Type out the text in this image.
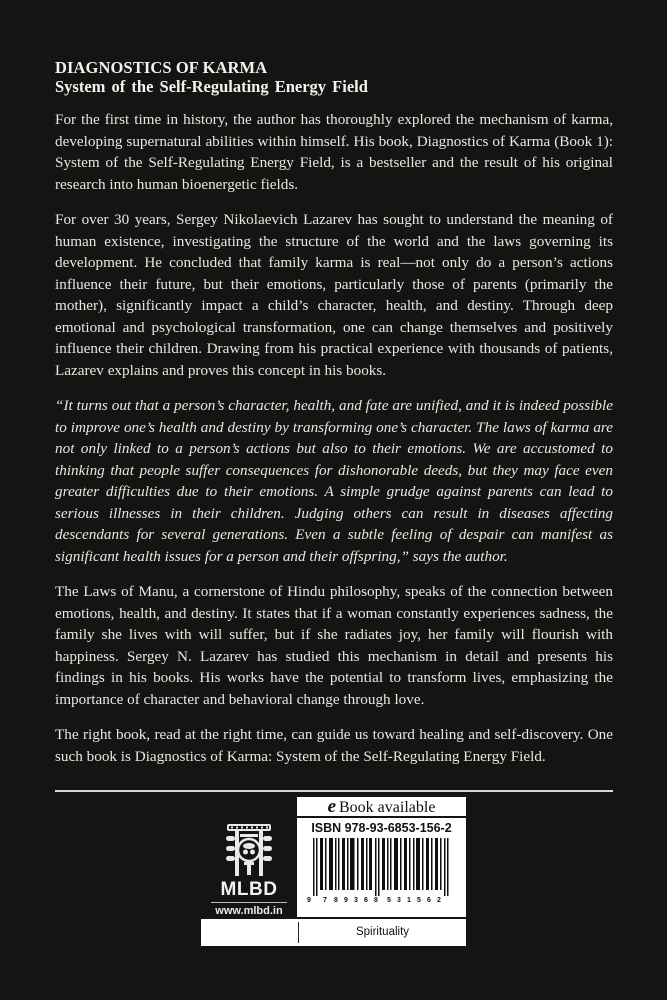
DIAGNOSTICS OF KARMA
System of the Self-Regulating Energy Field

For the first time in history, the author has thoroughly explored the mechanism of karma, developing supernatural abilities within himself. His book, Diagnostics of Karma (Book 1): System of the Self-Regulating Energy Field, is a bestseller and the result of his original research into human bioenergetic fields.

For over 30 years, Sergey Nikolaevich Lazarev has sought to understand the meaning of human existence, investigating the structure of the world and the laws governing its development. He concluded that family karma is real—not only do a person’s actions influence their future, but their emotions, particularly those of parents (primarily the mother), significantly impact a child’s character, health, and destiny. Through deep emotional and psychological transformation, one can change themselves and positively influence their children. Drawing from his practical experience with thousands of patients, Lazarev explains and proves this concept in his books.

“It turns out that a person’s character, health, and fate are unified, and it is indeed possible to improve one’s health and destiny by transforming one’s character. The laws of karma are not only linked to a person’s actions but also to their emotions. We are accustomed to thinking that people suffer consequences for dishonorable deeds, but they may face even greater difficulties due to their emotions. A simple grudge against parents can lead to serious illnesses in their children. Judging others can result in diseases affecting descendants for several generations. Even a subtle feeling of despair can manifest as significant health issues for a person and their offspring,” says the author.

The Laws of Manu, a cornerstone of Hindu philosophy, speaks of the connection between emotions, health, and destiny. It states that if a woman constantly experiences sadness, the family she lives with will suffer, but if she radiates joy, her family will flourish with happiness. Sergey N. Lazarev has studied this mechanism in detail and presents his findings in his books. His works have the potential to transform lives, emphasizing the importance of character and behavioral change through love.

The right book, read at the right time, can guide us toward healing and self-discovery. One such book is Diagnostics of Karma: System of the Self-Regulating Energy Field.

MLBD
www.mlbd.in
e Book available
ISBN 978-93-6853-156-2
9 7 8 9 3 6 8 5 3 1 5 6 2
Spirituality
